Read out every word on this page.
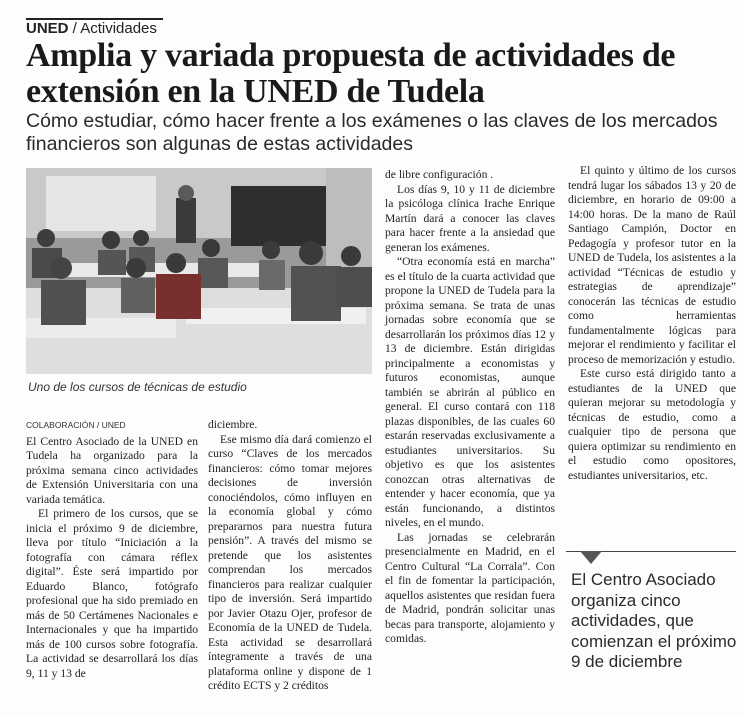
UNED / Actividades
Amplia y variada propuesta de actividades de extensión en la UNED de Tudela

Cómo estudiar, cómo hacer frente a los exámenes o las claves de los mercados financieros son algunas de estas actividades

Uno de los cursos de técnicas de estudio

COLABORACIÓN / UNED

El Centro Asociado de la UNED en Tudela ha organizado para la próxima semana cinco actividades de Extensión Universitaria con una variada temática.

El primero de los cursos, que se inicia el próximo 9 de diciembre, lleva por título “Iniciación a la fotografía con cámara réflex digital”. Éste será impartido por Eduardo Blanco, fotógrafo profesional que ha sido premiado en más de 50 Certámenes Nacionales e Internacionales y que ha impartido más de 100 cursos sobre fotografía. La actividad se desarrollará los días 9, 11 y 13 de

diciembre.

Ese mismo día dará comienzo el curso “Claves de los mercados financieros: cómo tomar mejores decisiones de inversión conociéndolos, cómo influyen en la economía global y cómo prepararnos para nuestra futura pensión”. A través del mismo se pretende que los asistentes comprendan los mercados financieros para realizar cualquier tipo de inversión. Será impartido por Javier Otazu Ojer, profesor de Economía de la UNED de Tudela. Esta actividad se desarrollará íntegramente a través de una plataforma online y dispone de 1 crédito ECTS y 2 créditos

de libre configuración .

Los días 9, 10 y 11 de diciembre la psicóloga clínica Irache Enrique Martín dará a conocer las claves para hacer frente a la ansiedad que generan los exámenes.

“Otra economía está en marcha” es el título de la cuarta actividad que propone la UNED de Tudela para la próxima semana. Se trata de unas jornadas sobre economía que se desarrollarán los próximos días 12 y 13 de diciembre. Están dirigidas principalmente a economistas y futuros economistas, aunque también se abrirán al público en general. El curso contará con 118 plazas disponibles, de las cuales 60 estarán reservadas exclusivamente a estudiantes universitarios. Su objetivo es que los asistentes conozcan otras alternativas de entender y hacer economía, que ya están funcionando, a distintos niveles, en el mundo.

Las jornadas se celebrarán presencialmente en Madrid, en el Centro Cultural “La Corrala”. Con el fin de fomentar la participación, aquellos asistentes que residan fuera de Madrid, pondrán solicitar unas becas para transporte, alojamiento y comidas.

El quinto y último de los cursos tendrá lugar los sábados 13 y 20 de diciembre, en horario de 09:00 a 14:00 horas. De la mano de Raúl Santiago Campión, Doctor en Pedagogía y profesor tutor en la UNED de Tudela, los asistentes a la actividad “Técnicas de estudio y estrategias de aprendizaje” conocerán las técnicas de estudio como herramientas fundamentalmente lógicas para mejorar el rendimiento y facilitar el proceso de memorización y estudio.

Este curso está dirigido tanto a estudiantes de la UNED que quieran mejorar su metodología y técnicas de estudio, como a cualquier tipo de persona que quiera optimizar su rendimiento en el estudio como opositores, estudiantes universitarios, etc.

El Centro Asociado organiza cinco actividades, que comienzan el próximo 9 de diciembre
